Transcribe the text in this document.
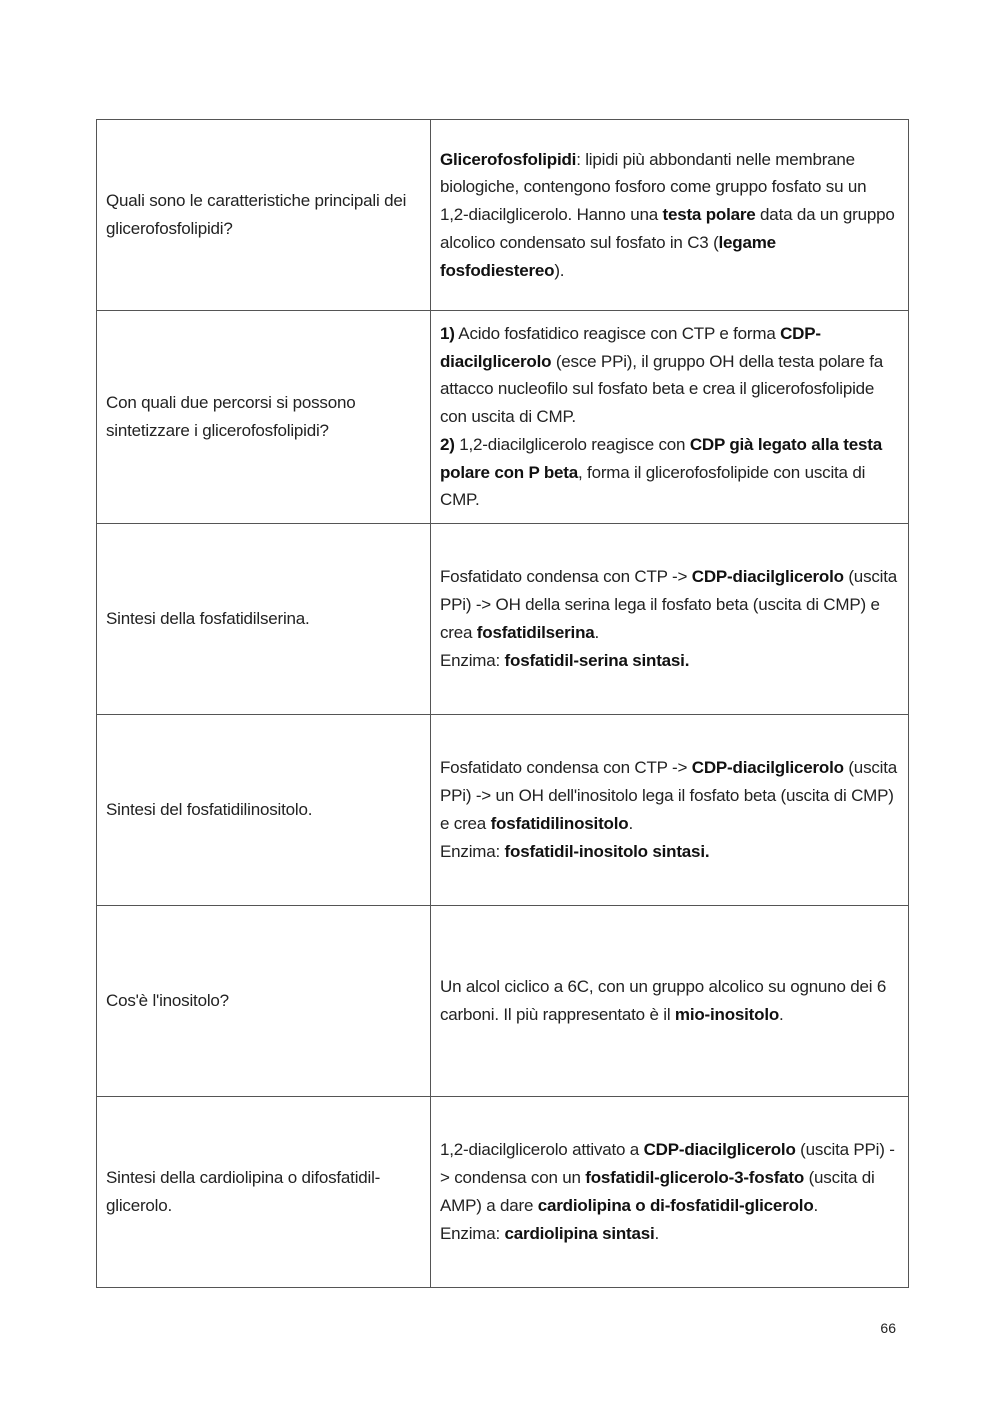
Quali sono le caratteristiche principali dei glicerofosfolipidi?	Glicerofosfolipidi: lipidi più abbondanti nelle membrane biologiche, contengono fosforo come gruppo fosfato su un 1,2-diacilglicerolo. Hanno una testa polare data da un gruppo alcolico condensato sul fosfato in C3 (legame fosfodiestereo).

Con quali due percorsi si possono sintetizzare i glicerofosfolipidi?	1) Acido fosfatidico reagisce con CTP e forma CDP-diacilglicerolo (esce PPi), il gruppo OH della testa polare fa attacco nucleofilo sul fosfato beta e crea il glicerofosfolipide con uscita di CMP.
2) 1,2-diacilglicerolo reagisce con CDP già legato alla testa polare con P beta, forma il glicerofosfolipide con uscita di CMP.

Sintesi della fosfatidilserina.	Fosfatidato condensa con CTP -> CDP-diacilglicerolo (uscita PPi) -> OH della serina lega il fosfato beta (uscita di CMP) e crea fosfatidilserina.
Enzima: fosfatidil-serina sintasi.

Sintesi del fosfatidilinositolo.	Fosfatidato condensa con CTP -> CDP-diacilglicerolo (uscita PPi) -> un OH dell'inositolo lega il fosfato beta (uscita di CMP) e crea fosfatidilinositolo.
Enzima: fosfatidil-inositolo sintasi.

Cos'è l'inositolo?	Un alcol ciclico a 6C, con un gruppo alcolico su ognuno dei 6 carboni. Il più rappresentato è il mio-inositolo.

Sintesi della cardiolipina o difosfatidil-glicerolo.	1,2-diacilglicerolo attivato a CDP-diacilglicerolo (uscita PPi) -> condensa con un fosfatidil-glicerolo-3-fosfato (uscita di AMP) a dare cardiolipina o di-fosfatidil-glicerolo.
Enzima: cardiolipina sintasi.
66
